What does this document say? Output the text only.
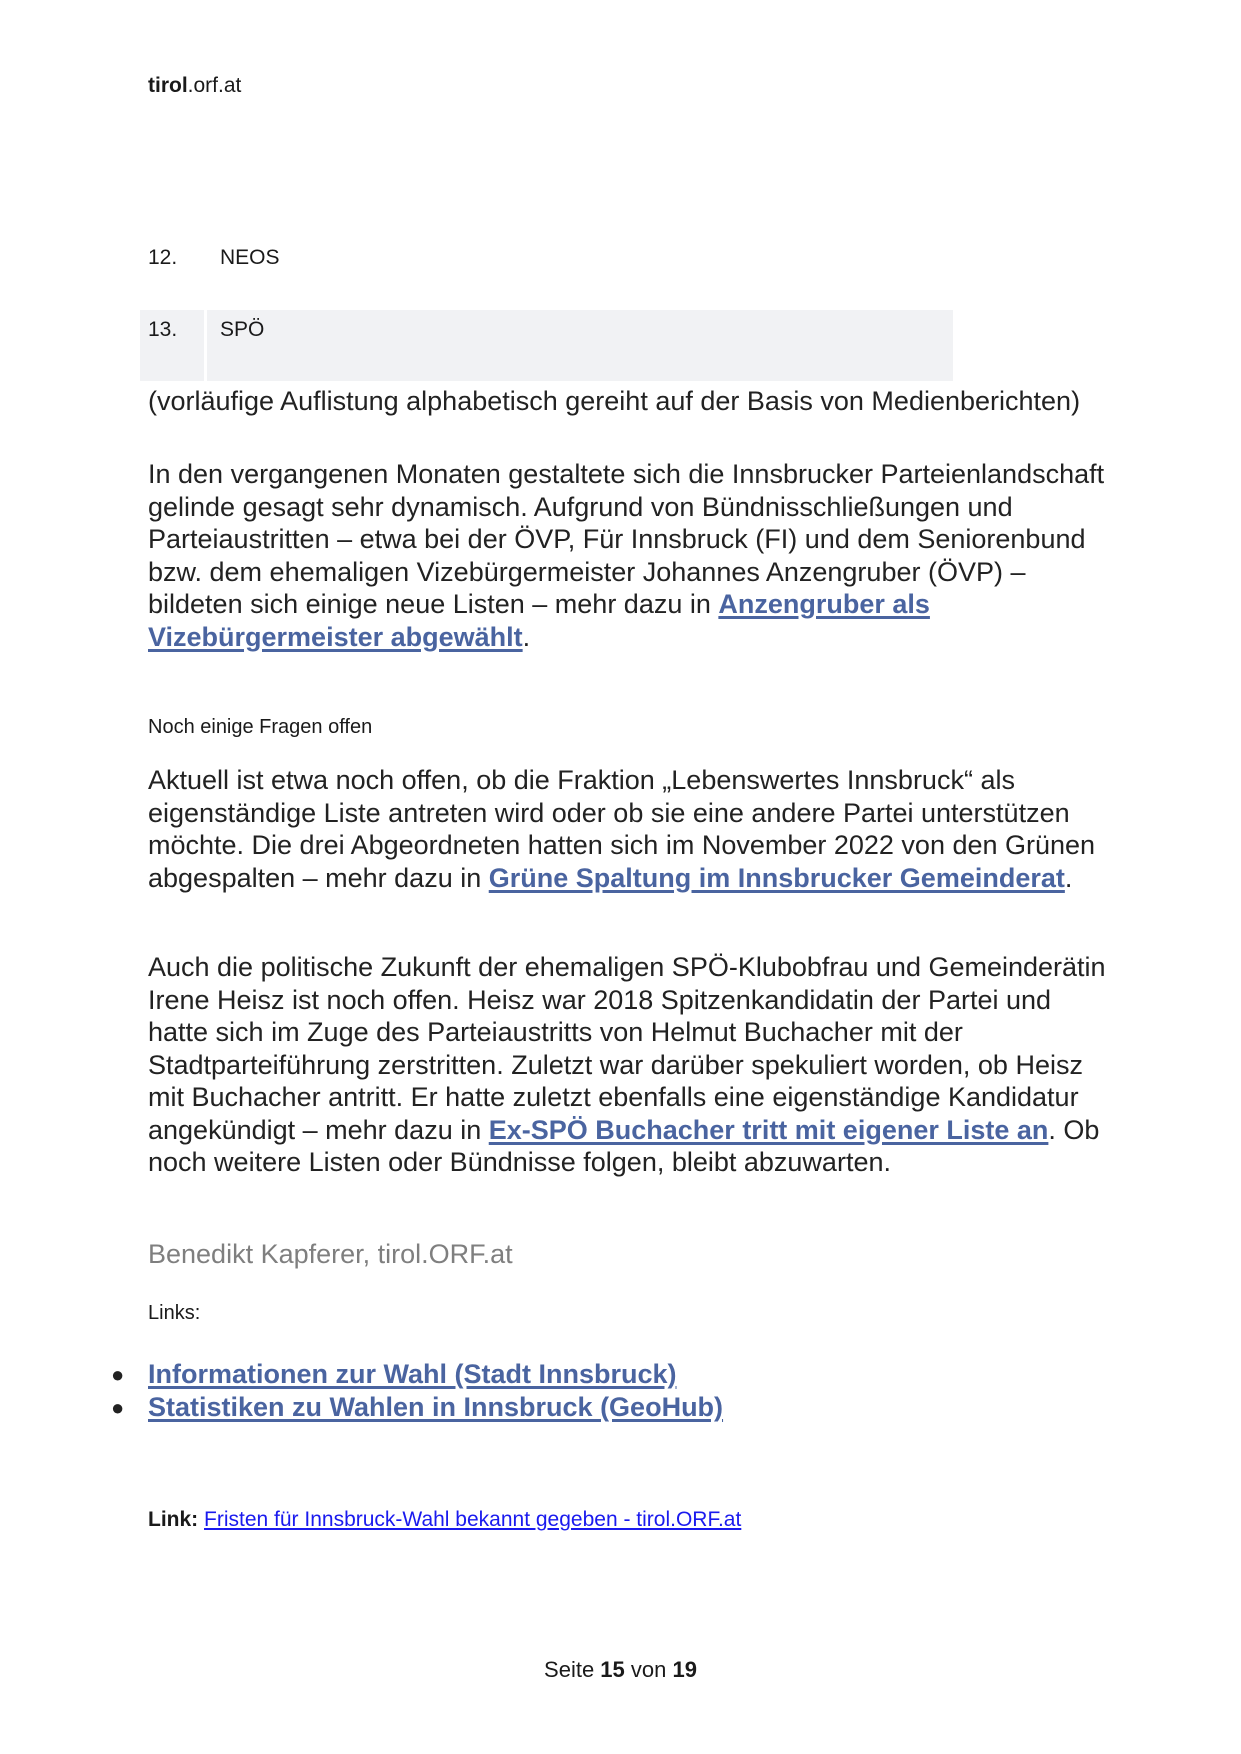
tirol.orf.at
12. NEOS
13. SPÖ
(vorläufige Auflistung alphabetisch gereiht auf der Basis von Medienberichten)
In den vergangenen Monaten gestaltete sich die Innsbrucker Parteienlandschaft gelinde gesagt sehr dynamisch. Aufgrund von Bündnisschließungen und Parteiaustritten – etwa bei der ÖVP, Für Innsbruck (FI) und dem Seniorenbund bzw. dem ehemaligen Vizebürgermeister Johannes Anzengruber (ÖVP) – bildeten sich einige neue Listen – mehr dazu in Anzengruber als Vizebürgermeister abgewählt.
Noch einige Fragen offen
Aktuell ist etwa noch offen, ob die Fraktion „Lebenswertes Innsbruck“ als eigenständige Liste antreten wird oder ob sie eine andere Partei unterstützen möchte. Die drei Abgeordneten hatten sich im November 2022 von den Grünen abgespalten – mehr dazu in Grüne Spaltung im Innsbrucker Gemeinderat.
Auch die politische Zukunft der ehemaligen SPÖ-Klubobfrau und Gemeinderätin Irene Heisz ist noch offen. Heisz war 2018 Spitzenkandidatin der Partei und hatte sich im Zuge des Parteiaustritts von Helmut Buchacher mit der Stadtparteiführung zerstritten. Zuletzt war darüber spekuliert worden, ob Heisz mit Buchacher antritt. Er hatte zuletzt ebenfalls eine eigenständige Kandidatur angekündigt – mehr dazu in Ex-SPÖ Buchacher tritt mit eigener Liste an. Ob noch weitere Listen oder Bündnisse folgen, bleibt abzuwarten.
Benedikt Kapferer, tirol.ORF.at
Links:
● Informationen zur Wahl (Stadt Innsbruck)
● Statistiken zu Wahlen in Innsbruck (GeoHub)
Link: Fristen für Innsbruck-Wahl bekannt gegeben - tirol.ORF.at
Seite 15 von 19
